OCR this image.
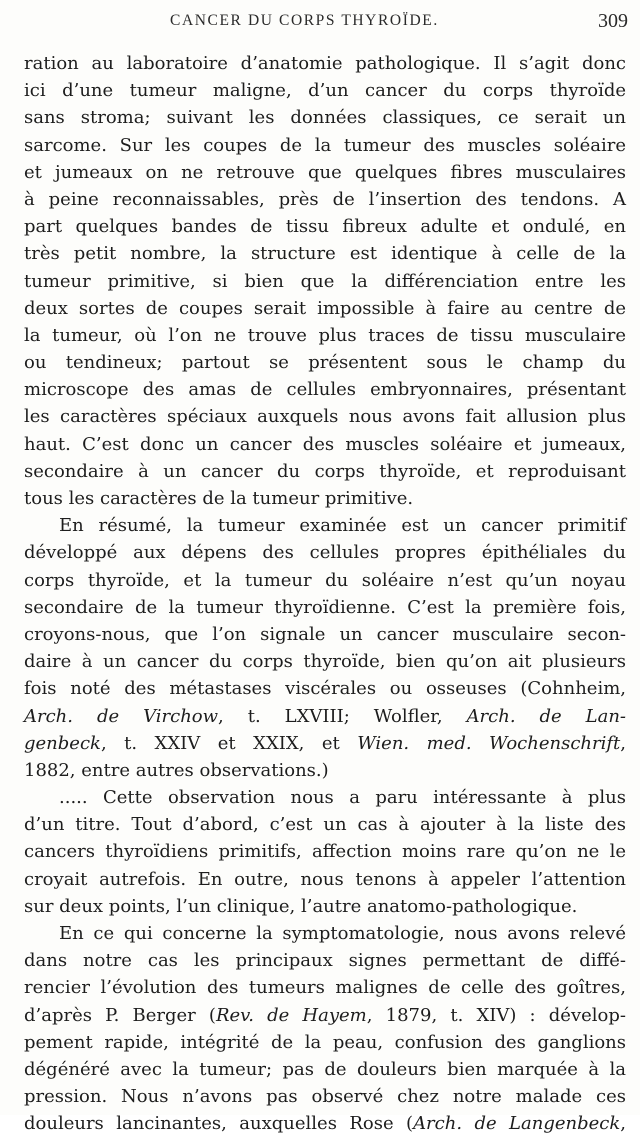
CANCER DU CORPS THYROÏDE.	309
ration au laboratoire d’anatomie pathologique. Il s’agit donc
ici d’une tumeur maligne, d’un cancer du corps thyroïde
sans stroma; suivant les données classiques, ce serait un
sarcome. Sur les coupes de la tumeur des muscles soléaire
et jumeaux on ne retrouve que quelques fibres musculaires
à peine reconnaissables, près de l’insertion des tendons. A
part quelques bandes de tissu fibreux adulte et ondulé, en
très petit nombre, la structure est identique à celle de la
tumeur primitive, si bien que la différenciation entre les
deux sortes de coupes serait impossible à faire au centre de
la tumeur, où l’on ne trouve plus traces de tissu musculaire
ou tendineux; partout se présentent sous le champ du
microscope des amas de cellules embryonnaires, présentant
les caractères spéciaux auxquels nous avons fait allusion plus
haut. C’est donc un cancer des muscles soléaire et jumeaux,
secondaire à un cancer du corps thyroïde, et reproduisant
tous les caractères de la tumeur primitive.
En résumé, la tumeur examinée est un cancer primitif
développé aux dépens des cellules propres épithéliales du
corps thyroïde, et la tumeur du soléaire n’est qu’un noyau
secondaire de la tumeur thyroïdienne. C’est la première fois,
croyons-nous, que l’on signale un cancer musculaire secon-
daire à un cancer du corps thyroïde, bien qu’on ait plusieurs
fois noté des métastases viscérales ou osseuses (Cohnheim,
Arch. de Virchow, t. LXVIII; Wolfler, Arch. de Lan-
genbeck, t. XXIV et XXIX, et Wien. med. Wochenschrift,
1882, entre autres observations.)
..... Cette observation nous a paru intéressante à plus
d’un titre. Tout d’abord, c’est un cas à ajouter à la liste des
cancers thyroïdiens primitifs, affection moins rare qu’on ne le
croyait autrefois. En outre, nous tenons à appeler l’attention
sur deux points, l’un clinique, l’autre anatomo-pathologique.
En ce qui concerne la symptomatologie, nous avons relevé
dans notre cas les principaux signes permettant de diffé-
rencier l’évolution des tumeurs malignes de celle des goîtres,
d’après P. Berger (Rev. de Hayem, 1879, t. XIV) : dévelop-
pement rapide, intégrité de la peau, confusion des ganglions
dégénéré avec la tumeur; pas de douleurs bien marquée à la
pression. Nous n’avons pas observé chez notre malade ces
douleurs lancinantes, auxquelles Rose (Arch. de Langenbeck,
